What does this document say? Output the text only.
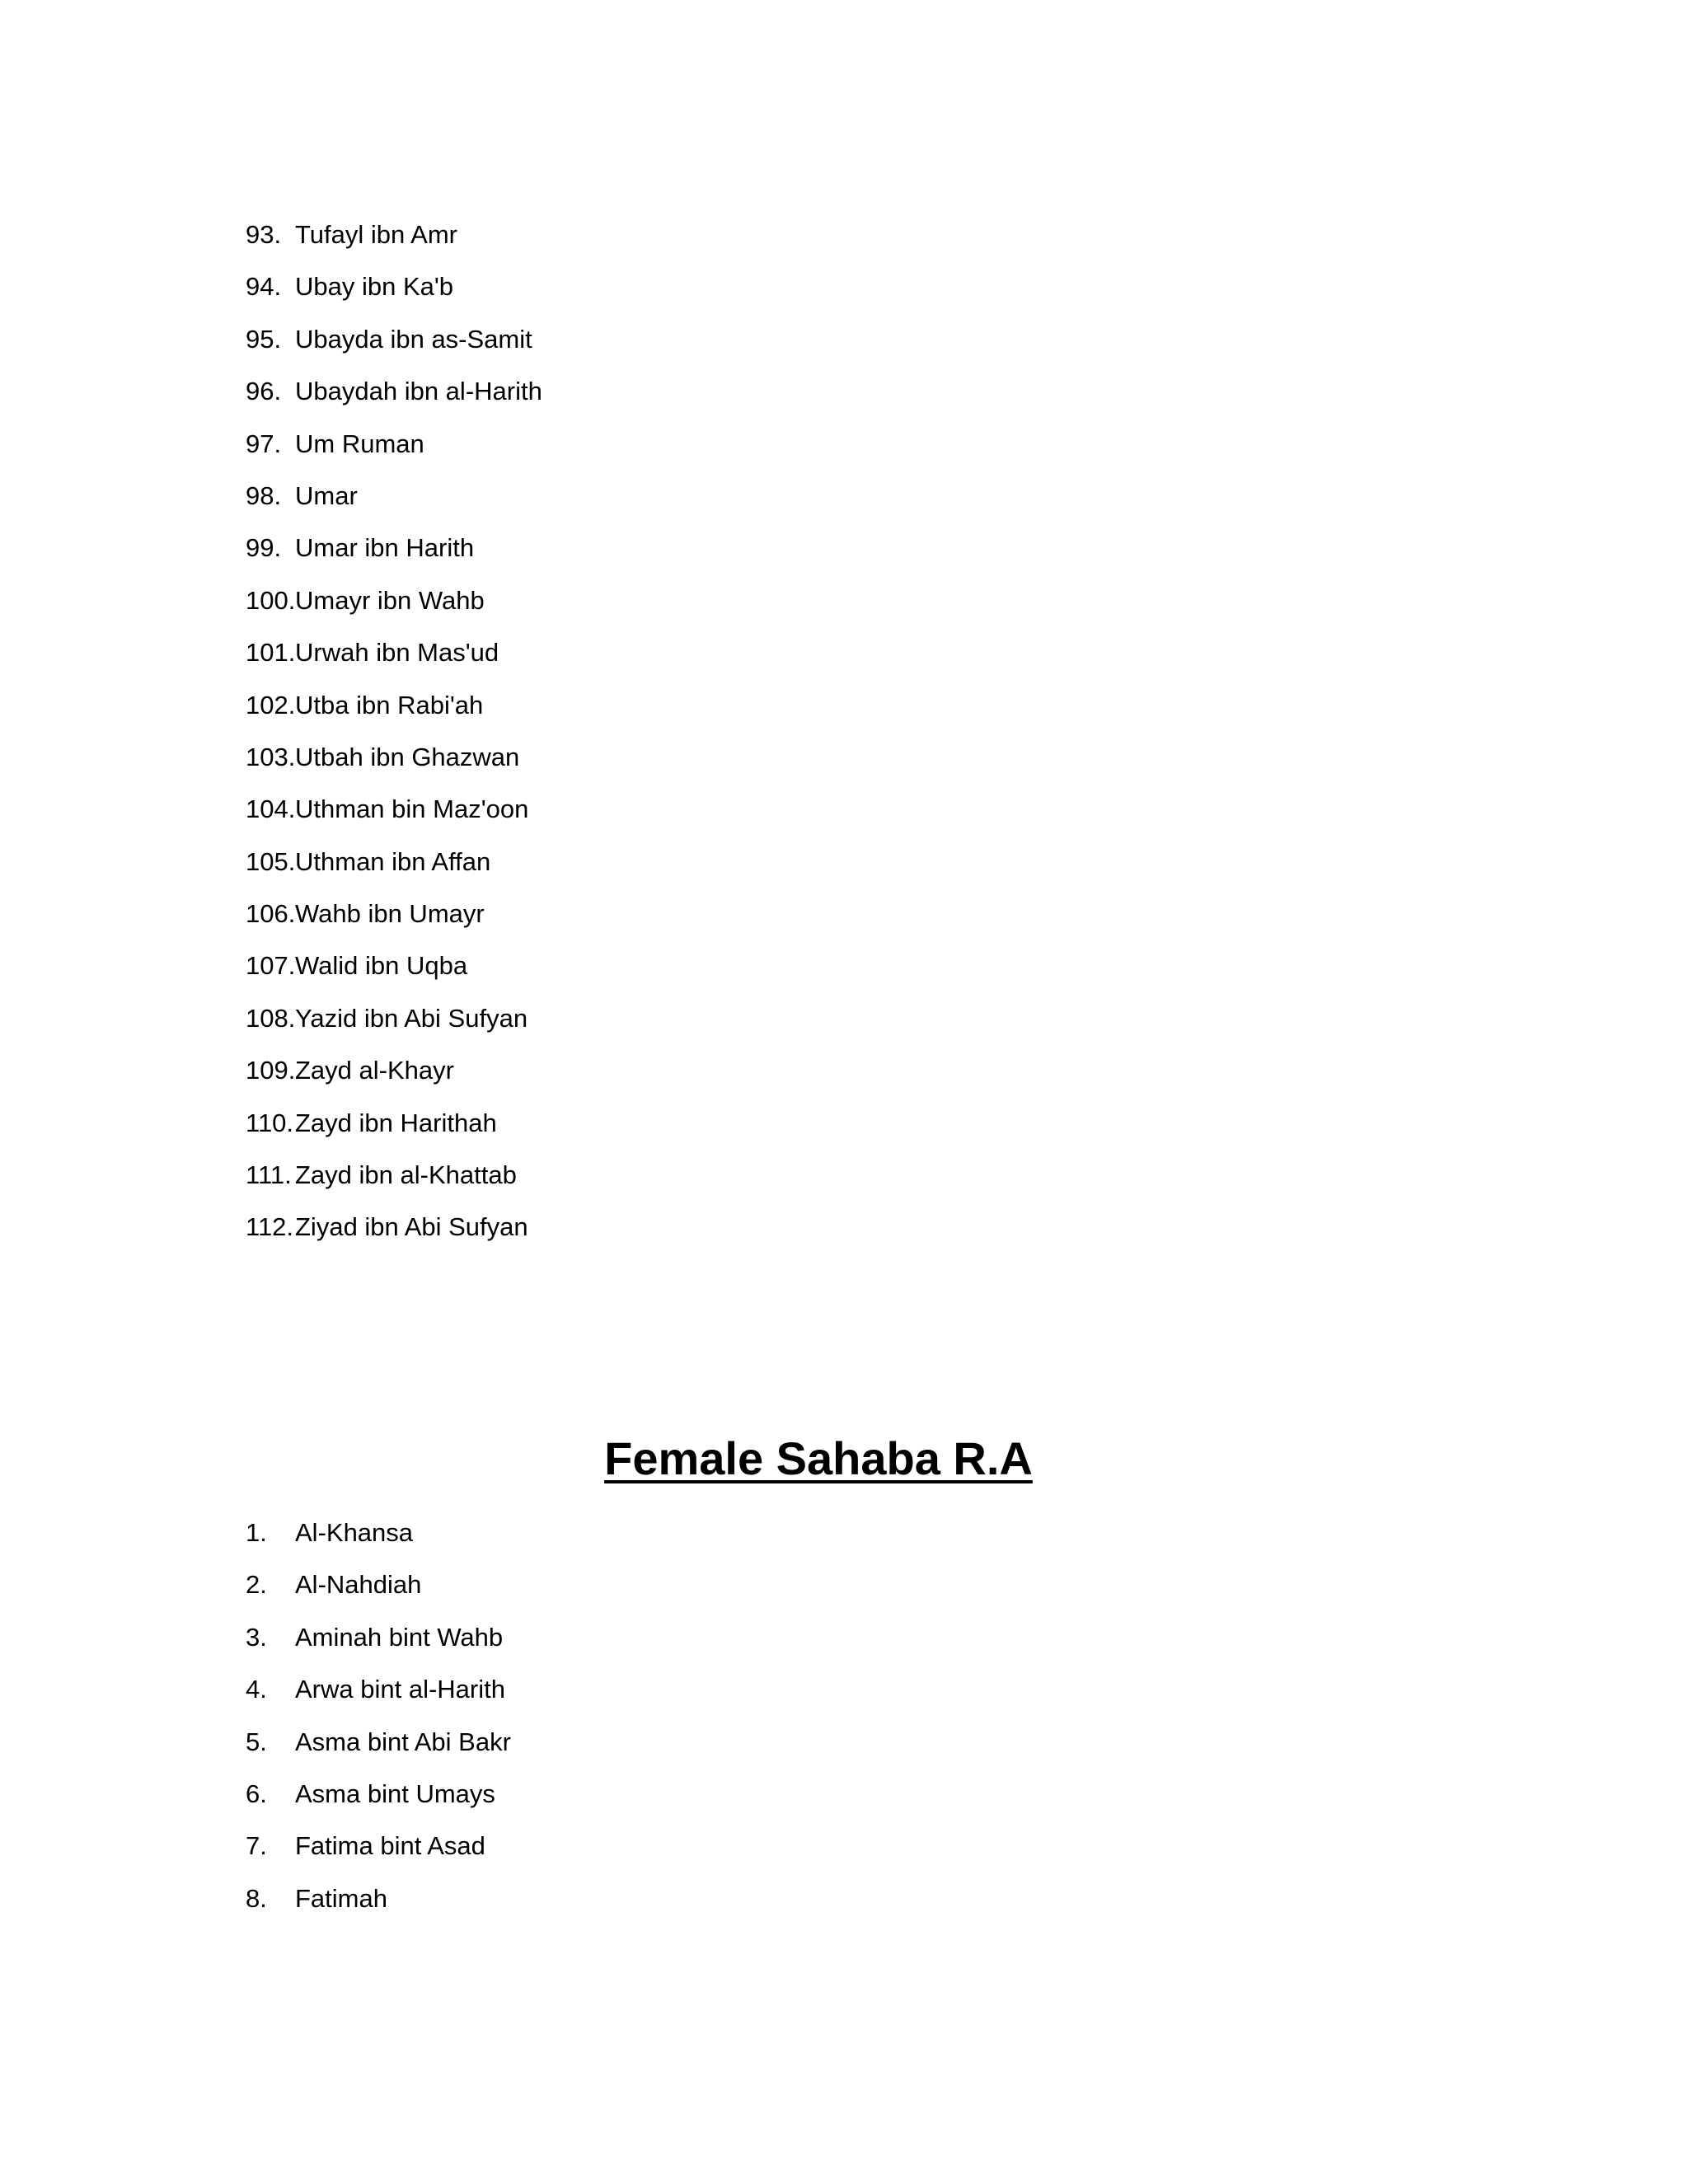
93. Tufayl ibn Amr
94. Ubay ibn Ka'b
95. Ubayda ibn as-Samit
96. Ubaydah ibn al-Harith
97. Um Ruman
98. Umar
99. Umar ibn Harith
100.Umayr ibn Wahb
101.Urwah ibn Mas'ud
102.Utba ibn Rabi'ah
103.Utbah ibn Ghazwan
104.Uthman bin Maz'oon
105.Uthman ibn Affan
106.Wahb ibn Umayr
107.Walid ibn Uqba
108.Yazid ibn Abi Sufyan
109.Zayd al-Khayr
110.Zayd ibn Harithah
111. Zayd ibn al-Khattab
112.Ziyad ibn Abi Sufyan
Female Sahaba R.A
1. Al-Khansa
2. Al-Nahdiah
3. Aminah bint Wahb
4. Arwa bint al-Harith
5. Asma bint Abi Bakr
6. Asma bint Umays
7. Fatima bint Asad
8. Fatimah
